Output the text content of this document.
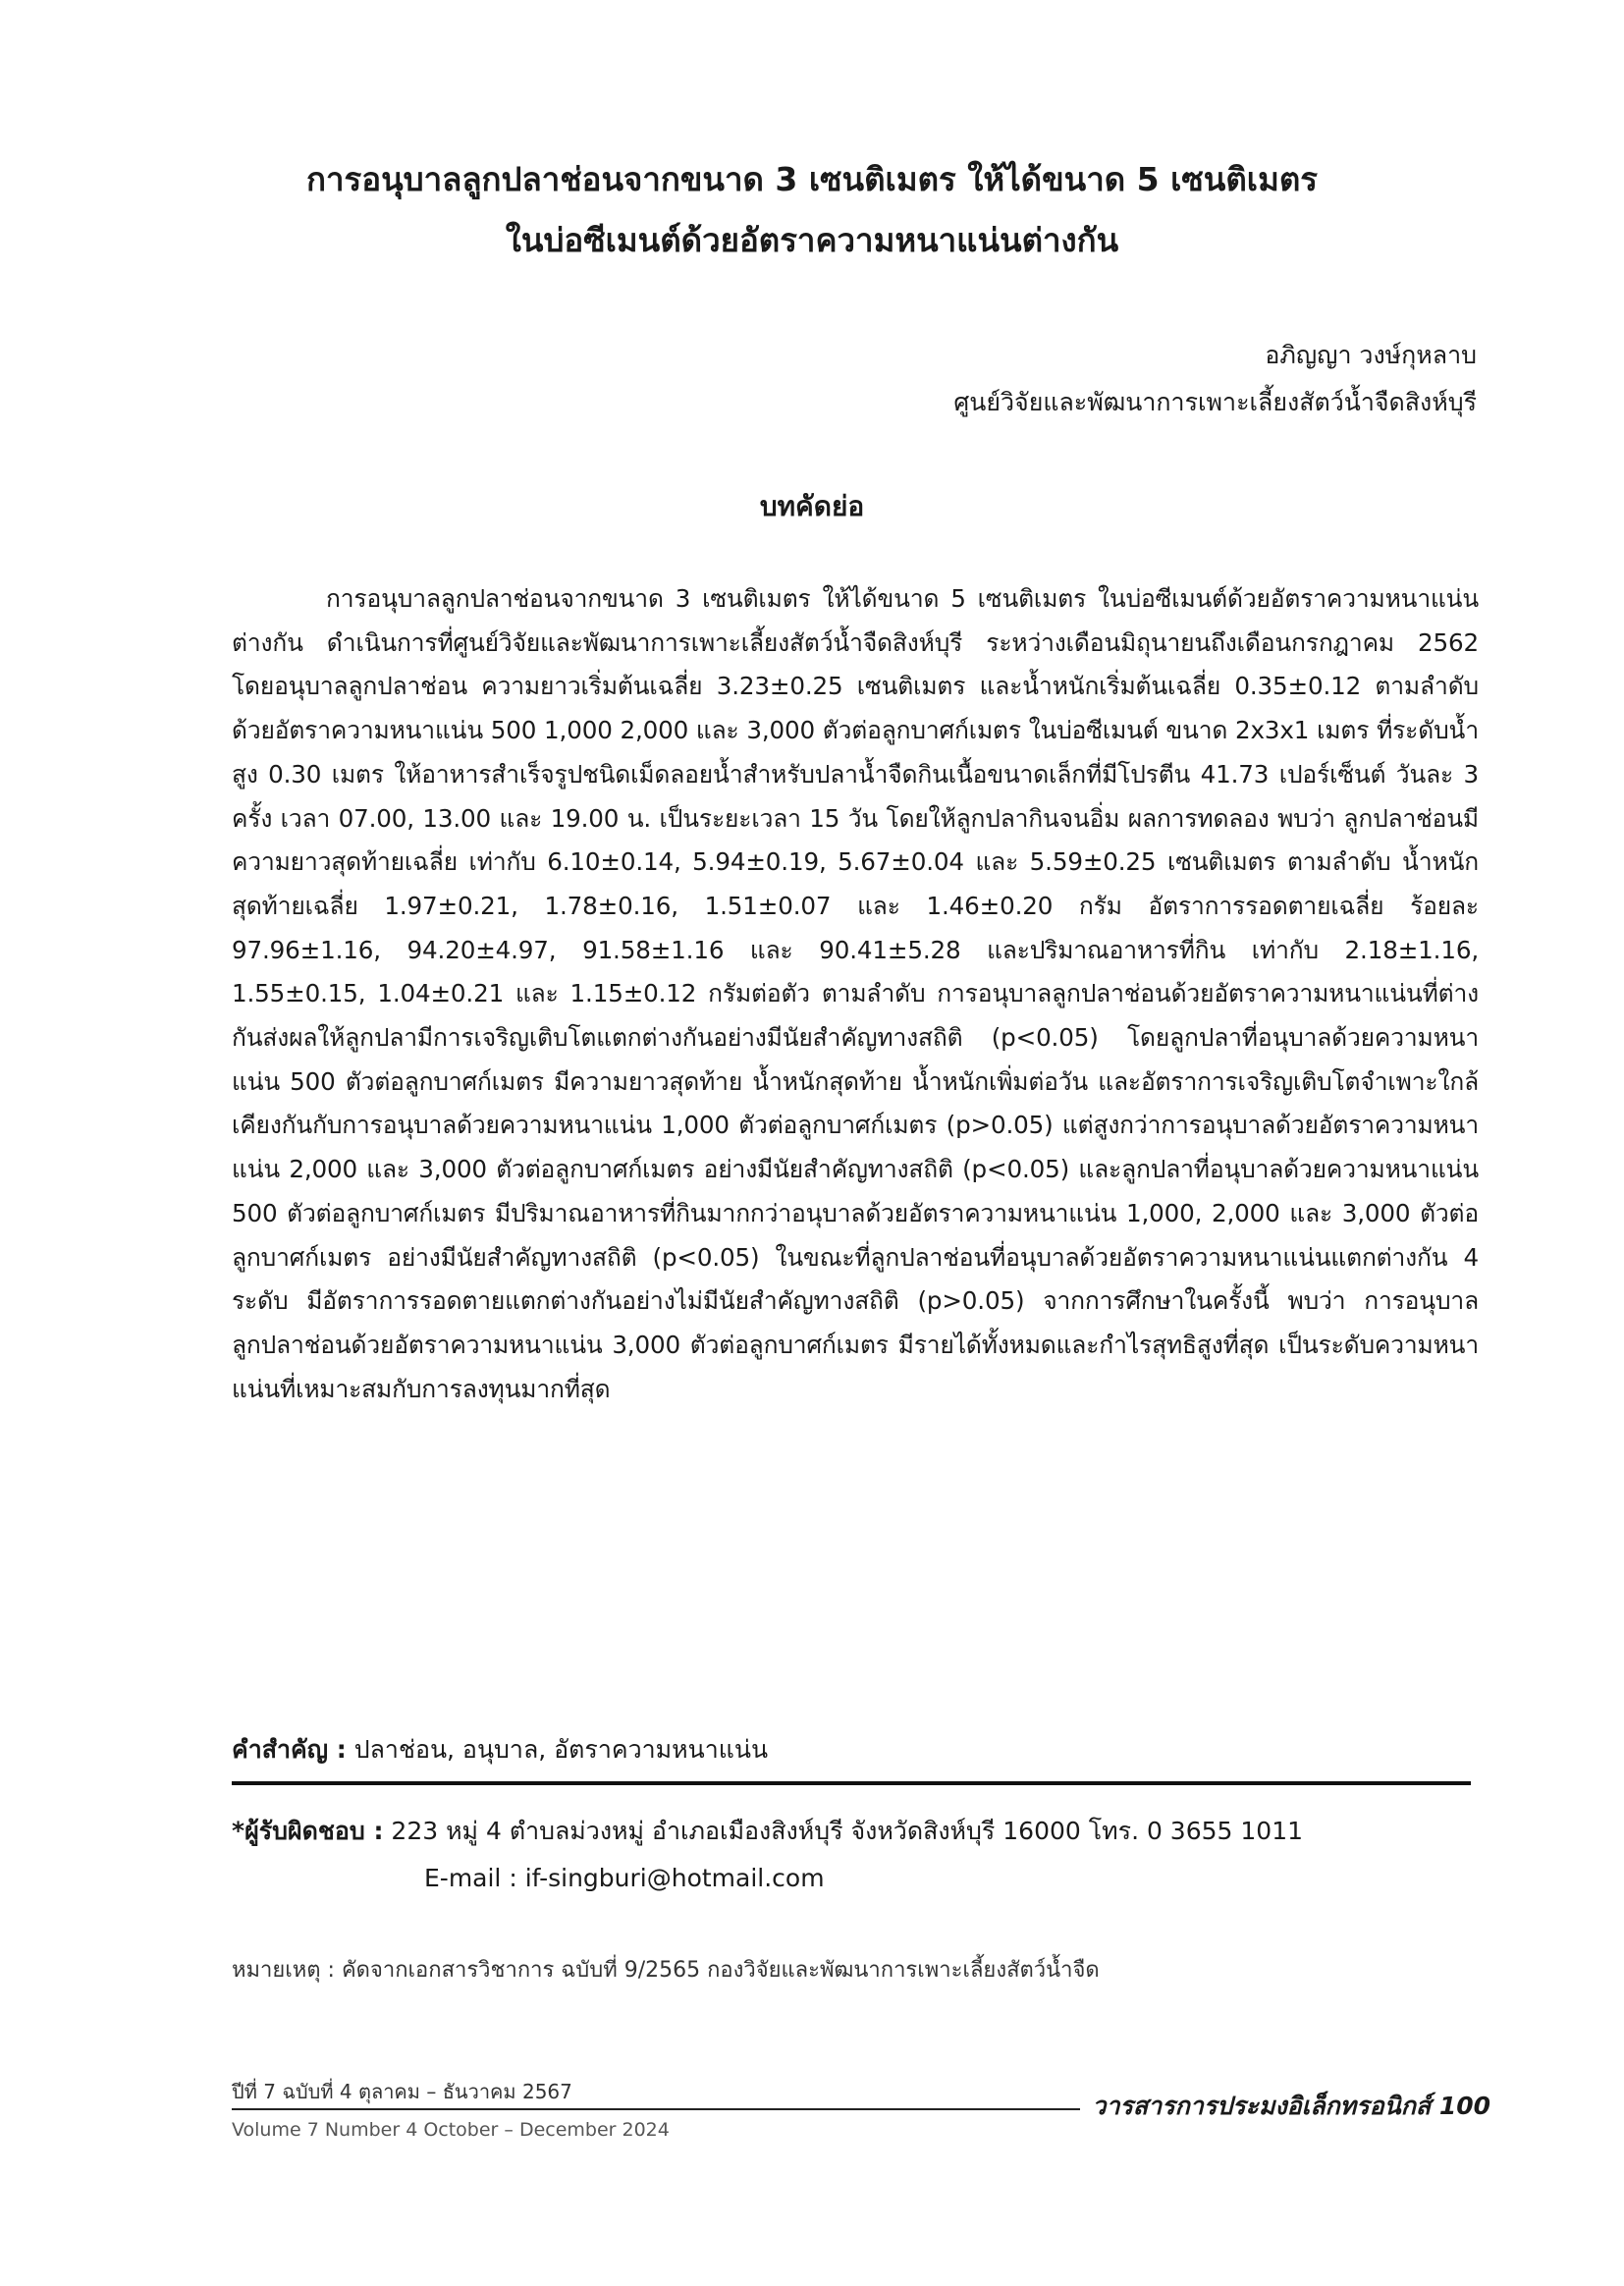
การอนุบาลลูกปลาช่อนจากขนาด 3 เซนติเมตร ให้ได้ขนาด 5 เซนติเมตร
ในบ่อซีเมนต์ด้วยอัตราความหนาแน่นต่างกัน
อภิญญา วงษ์กุหลาบ
ศูนย์วิจัยและพัฒนาการเพาะเลี้ยงสัตว์น้ำจืดสิงห์บุรี
บทคัดย่อ

การอนุบาลลูกปลาช่อนจากขนาด 3 เซนติเมตร ให้ได้ขนาด 5 เซนติเมตร ในบ่อซีเมนต์ด้วยอัตราความหนาแน่นต่างกัน ดำเนินการที่ศูนย์วิจัยและพัฒนาการเพาะเลี้ยงสัตว์น้ำจืดสิงห์บุรี ระหว่างเดือนมิถุนายนถึงเดือนกรกฎาคม 2562 โดยอนุบาลลูกปลาช่อน ความยาวเริ่มต้นเฉลี่ย 3.23±0.25 เซนติเมตร และน้ำหนักเริ่มต้นเฉลี่ย 0.35±0.12 ตามลำดับ ด้วยอัตราความหนาแน่น 500 1,000 2,000 และ 3,000 ตัวต่อลูกบาศก์เมตร ในบ่อซีเมนต์ ขนาด 2x3x1 เมตร ที่ระดับน้ำสูง 0.30 เมตร ให้อาหารสำเร็จรูปชนิดเม็ดลอยน้ำสำหรับปลาน้ำจืดกินเนื้อขนาดเล็กที่มีโปรตีน 41.73 เปอร์เซ็นต์ วันละ 3 ครั้ง เวลา 07.00, 13.00 และ 19.00 น. เป็นระยะเวลา 15 วัน โดยให้ลูกปลากินจนอิ่ม ผลการทดลอง พบว่า ลูกปลาช่อนมีความยาวสุดท้ายเฉลี่ย เท่ากับ 6.10±0.14, 5.94±0.19, 5.67±0.04 และ 5.59±0.25 เซนติเมตร ตามลำดับ น้ำหนักสุดท้ายเฉลี่ย 1.97±0.21, 1.78±0.16, 1.51±0.07 และ 1.46±0.20 กรัม อัตราการรอดตายเฉลี่ย ร้อยละ 97.96±1.16, 94.20±4.97, 91.58±1.16 และ 90.41±5.28 และปริมาณอาหารที่กิน เท่ากับ 2.18±1.16, 1.55±0.15, 1.04±0.21 และ 1.15±0.12 กรัมต่อตัว ตามลำดับ การอนุบาลลูกปลาช่อนด้วยอัตราความหนาแน่นที่ต่างกันส่งผลให้ลูกปลามีการเจริญเติบโตแตกต่างกันอย่างมีนัยสำคัญทางสถิติ (p<0.05) โดยลูกปลาที่อนุบาลด้วยความหนาแน่น 500 ตัวต่อลูกบาศก์เมตร มีความยาวสุดท้าย น้ำหนักสุดท้าย น้ำหนักเพิ่มต่อวัน และอัตราการเจริญเติบโตจำเพาะใกล้เคียงกันกับการอนุบาลด้วยความหนาแน่น 1,000 ตัวต่อลูกบาศก์เมตร (p>0.05) แต่สูงกว่าการอนุบาลด้วยอัตราความหนาแน่น 2,000 และ 3,000 ตัวต่อลูกบาศก์เมตร อย่างมีนัยสำคัญทางสถิติ (p<0.05) และลูกปลาที่อนุบาลด้วยความหนาแน่น 500 ตัวต่อลูกบาศก์เมตร มีปริมาณอาหารที่กินมากกว่าอนุบาลด้วยอัตราความหนาแน่น 1,000, 2,000 และ 3,000 ตัวต่อลูกบาศก์เมตร อย่างมีนัยสำคัญทางสถิติ (p<0.05) ในขณะที่ลูกปลาช่อนที่อนุบาลด้วยอัตราความหนาแน่นแตกต่างกัน 4 ระดับ มีอัตราการรอดตายแตกต่างกันอย่างไม่มีนัยสำคัญทางสถิติ (p>0.05) จากการศึกษาในครั้งนี้ พบว่า การอนุบาลลูกปลาช่อนด้วยอัตราความหนาแน่น 3,000 ตัวต่อลูกบาศก์เมตร มีรายได้ทั้งหมดและกำไรสุทธิสูงที่สุด เป็นระดับความหนาแน่นที่เหมาะสมกับการลงทุนมากที่สุด

คำสำคัญ : ปลาช่อน, อนุบาล, อัตราความหนาแน่น
*ผู้รับผิดชอบ : 223 หมู่ 4 ตำบลม่วงหมู่ อำเภอเมืองสิงห์บุรี จังหวัดสิงห์บุรี 16000 โทร. 0 3655 1011
E-mail : if-singburi@hotmail.com
หมายเหตุ : คัดจากเอกสารวิชาการ ฉบับที่ 9/2565 กองวิจัยและพัฒนาการเพาะเลี้ยงสัตว์น้ำจืด
ปีที่ 7 ฉบับที่ 4 ตุลาคม – ธันวาคม 2567
Volume 7 Number 4 October – December 2024
วารสารการประมงอิเล็กทรอนิกส์ 100
